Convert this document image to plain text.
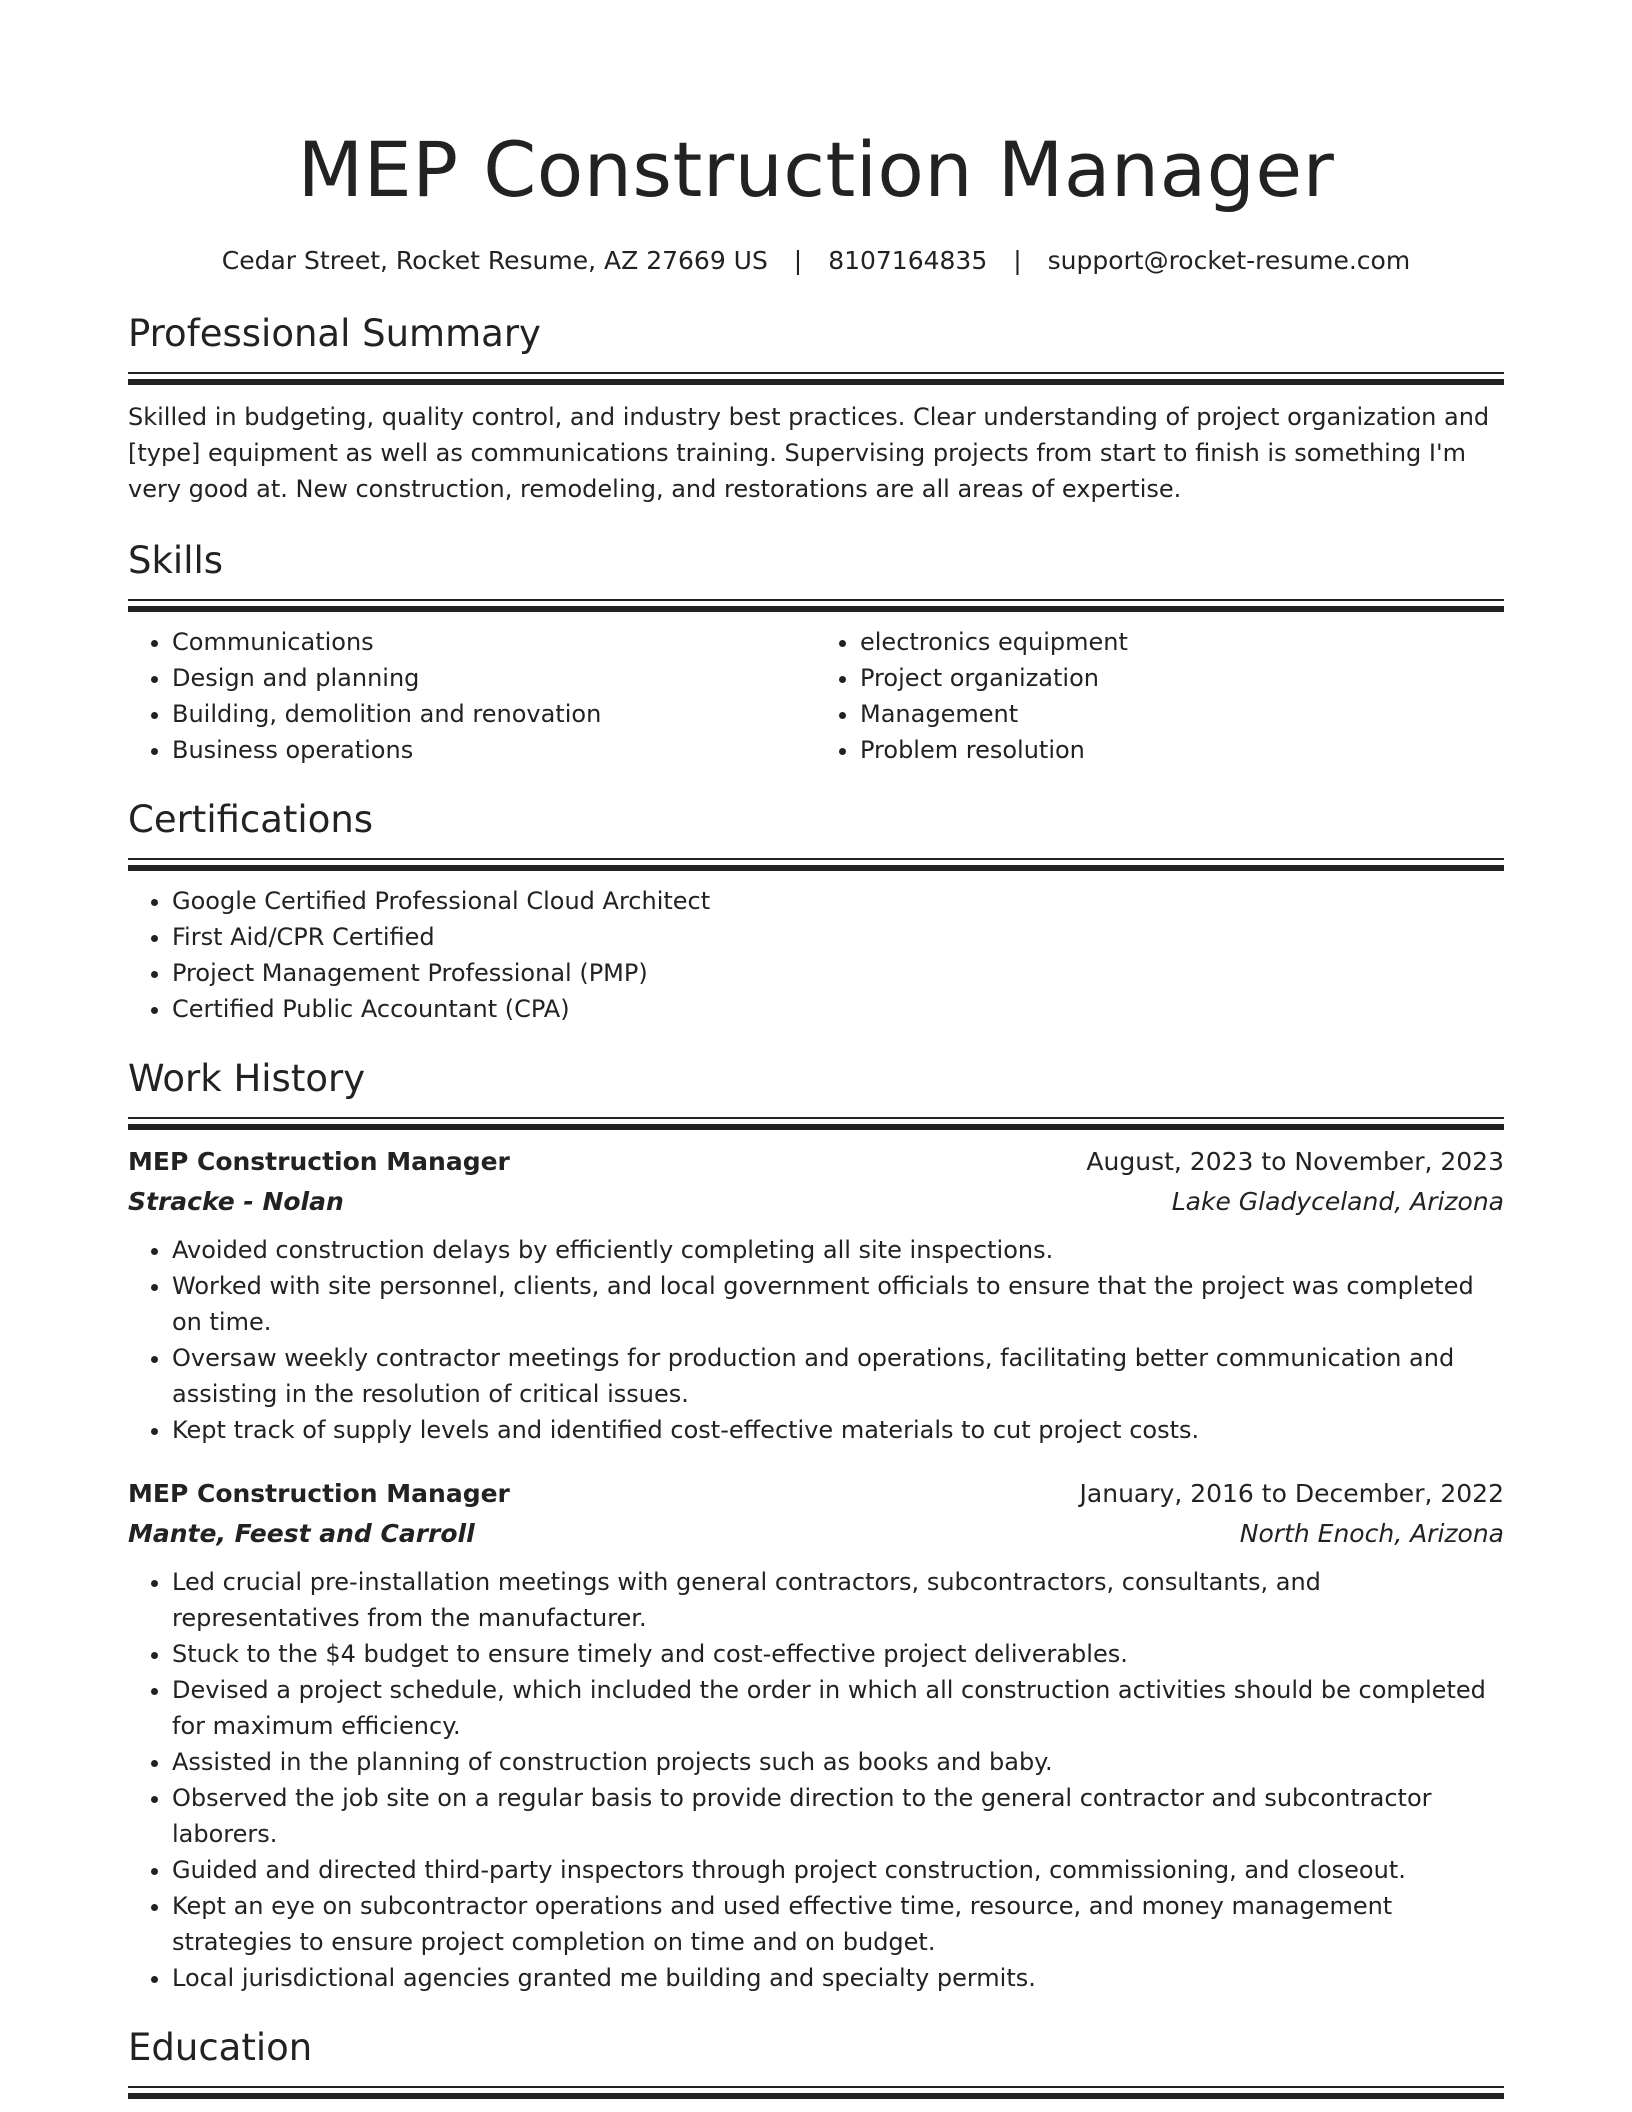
MEP Construction Manager
Cedar Street, Rocket Resume, AZ 27669 US | 8107164835 | support@rocket-resume.com
Professional Summary
Skilled in budgeting, quality control, and industry best practices. Clear understanding of project organization and [type] equipment as well as communications training. Supervising projects from start to finish is something I'm very good at. New construction, remodeling, and restorations are all areas of expertise.
Skills
• Communications
• Design and planning
• Building, demolition and renovation
• Business operations
• electronics equipment
• Project organization
• Management
• Problem resolution
Certifications
• Google Certified Professional Cloud Architect
• First Aid/CPR Certified
• Project Management Professional (PMP)
• Certified Public Accountant (CPA)
Work History
MEP Construction Manager	August, 2023 to November, 2023
Stracke - Nolan	Lake Gladyceland, Arizona
• Avoided construction delays by efficiently completing all site inspections.
• Worked with site personnel, clients, and local government officials to ensure that the project was completed on time.
• Oversaw weekly contractor meetings for production and operations, facilitating better communication and assisting in the resolution of critical issues.
• Kept track of supply levels and identified cost-effective materials to cut project costs.
MEP Construction Manager	January, 2016 to December, 2022
Mante, Feest and Carroll	North Enoch, Arizona
• Led crucial pre-installation meetings with general contractors, subcontractors, consultants, and representatives from the manufacturer.
• Stuck to the $4 budget to ensure timely and cost-effective project deliverables.
• Devised a project schedule, which included the order in which all construction activities should be completed for maximum efficiency.
• Assisted in the planning of construction projects such as books and baby.
• Observed the job site on a regular basis to provide direction to the general contractor and subcontractor laborers.
• Guided and directed third-party inspectors through project construction, commissioning, and closeout.
• Kept an eye on subcontractor operations and used effective time, resource, and money management strategies to ensure project completion on time and on budget.
• Local jurisdictional agencies granted me building and specialty permits.
Education
